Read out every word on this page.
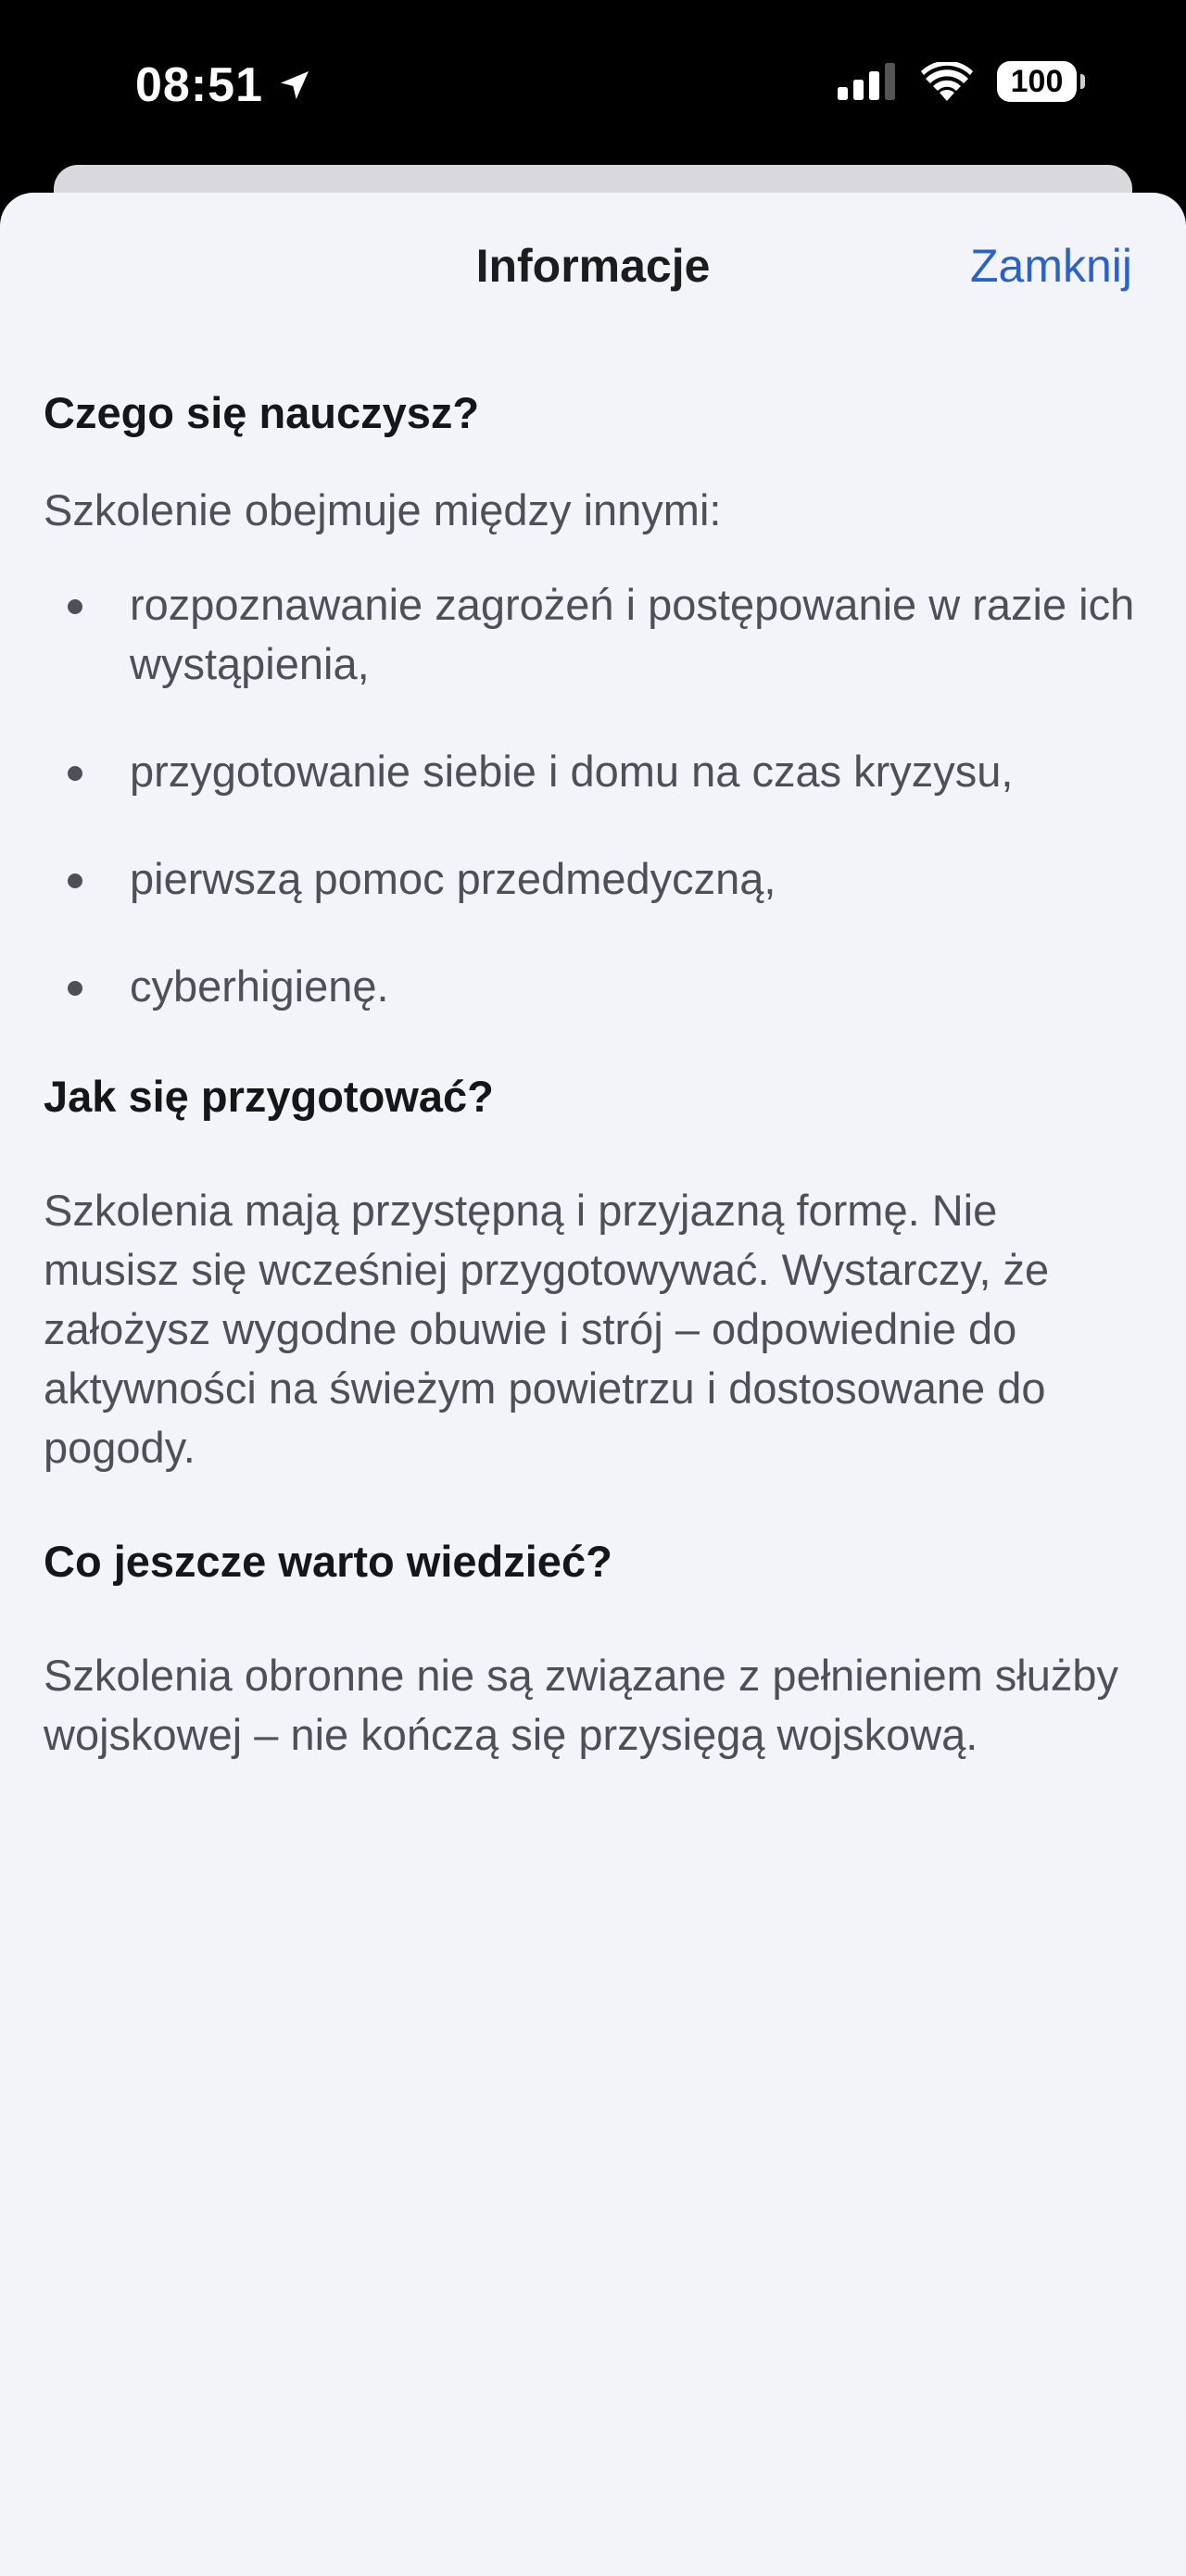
08:51	100
Informacje	Zamknij
Czego się nauczysz?

Szkolenie obejmuje między innymi:

rozpoznawanie zagrożeń i postępowanie w razie ich wystąpienia,
przygotowanie siebie i domu na czas kryzysu,
pierwszą pomoc przedmedyczną,
cyberhigienę.
Jak się przygotować?

Szkolenia mają przystępną i przyjazną formę. Nie musisz się wcześniej przygotowywać. Wystarczy, że założysz wygodne obuwie i strój – odpowiednie do aktywności na świeżym powietrzu i dostosowane do pogody.

Co jeszcze warto wiedzieć?

Szkolenia obronne nie są związane z pełnieniem służby wojskowej – nie kończą się przysięgą wojskową.
